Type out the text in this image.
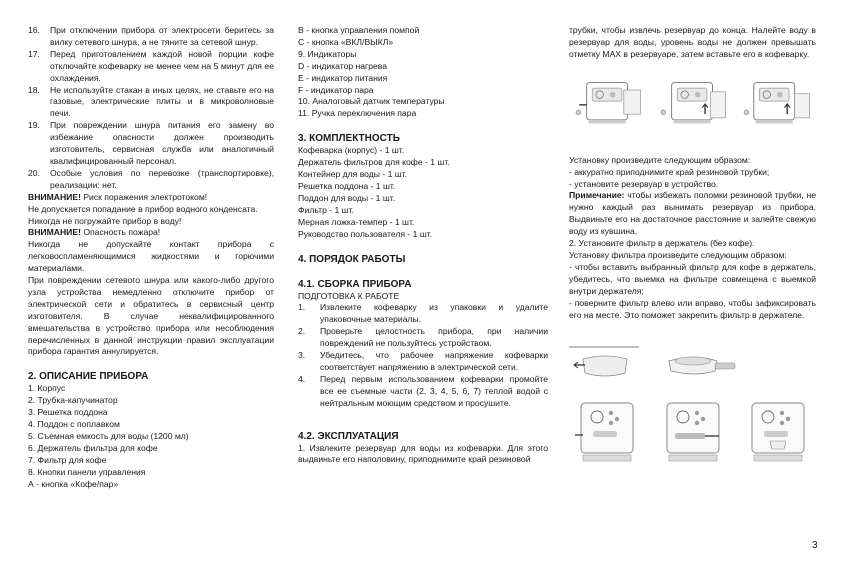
16.	При отключении прибора от электросети беритесь за вилку сетевого шнура, а не тяните за сетевой шнур.
17.	Перед приготовлением каждой новой порции кофе отключайте кофеварку не менее чем на 5 минут для ее охлаждения.
18.	Не используйте стакан в иных целях, не ставьте его на газовые, электрические плиты и в микроволновые печи.
19.	При повреждении шнура питания его замену во избежание опасности должен производить изготовитель, сервисная служба или аналогичный квалифицированный персонал.
20.	Особые условия по перевозке (транспортировке), реализации: нет.

ВНИМАНИЕ! Риск поражения электротоком!

Не допускается попадание в прибор водного конденсата.

Никогда не погружайте прибор в воду!

ВНИМАНИЕ! Опасность пожара!

Никогда не допускайте контакт прибора с легковоспламеняющимися жидкостями и горючими материалами.

При повреждении сетевого шнура или какого-либо другого узла устройства немедленно отключите прибор от электрической сети и обратитесь в сервисный центр изготовителя. В случае неквалифицированного вмешательства в устройство прибора или несоблюдения перечисленных в данной инструкции правил эксплуатации прибора гарантия аннулируется.

2. ОПИСАНИЕ ПРИБОРА
1. Корпус
2. Трубка-капучинатор
3. Решетка поддона
4. Поддон с поплавком
5. Съемная емкость для воды (1200 мл)
6. Держатель фильтра для кофе
7. Фильтр для кофе
8. Кнопки панели управления
А - кнопка «Кофе/пар»
В - кнопка управления помпой
С - кнопка «ВКЛ/ВЫКЛ»
9. Индикаторы
D - индикатор нагрева
Е - индикатор питания
F - индикатор пара
10. Аналоговый датчик температуры
11. Ручка переключения пара
3. КОМПЛЕКТНОСТЬ
Кофеварка (корпус) - 1 шт.
Держатель фильтров для кофе - 1 шт.
Контейнер для воды - 1 шт.
Решетка поддона - 1 шт.
Поддон для воды - 1 шт.
Фильтр - 1 шт.
Мерная ложка-темпер - 1 шт.
Руководство пользователя - 1 шт.
4. ПОРЯДОК РАБОТЫ
4.1. СБОРКА ПРИБОРА

ПОДГОТОВКА К РАБОТЕ

1.	Извлеките кофеварку из упаковки и удалите упаковочные материалы.
2.	Проверьте целостность прибора, при наличии повреждений не пользуйтесь устройством.
3.	Убедитесь, что рабочее напряжение кофеварки соответствует напряжению в электрической сети.
4.	Перед первым использованием кофеварки промойте все ее съемные части (2, 3, 4, 5, 6, 7) теплой водой с нейтральным моющим средством и просушите.
4.2. ЭКСПЛУАТАЦИЯ

1. Извлеките резервуар для воды из кофеварки. Для этого выдвиньте его наполовину, приподнимите край резиновой

трубки, чтобы извлечь резервуар до конца. Налейте воду в резервуар для воды, уровень воды не должен превышать отметку MAX в резервуаре, затем вставьте его в кофеварку.

Установку произведите следующим образом:

- аккуратно приподнимите край резиновой трубки;

- установите резервуар в устройство.

Примечание: чтобы избежать поломки резиновой трубки, не нужно каждый раз вынимать резервуар из прибора. Выдвиньте его на достаточное расстояние и залейте свежую воду из кувшина.

2. Установите фильтр в держатель (без кофе).

Установку фильтра произведите следующим образом:

- чтобы вставить выбранный фильтр для кофе в держатель, убедитесь, что выемка на фильтре совмещена с выемкой внутри держателя;

- поверните фильтр влево или вправо, чтобы зафиксировать его на месте. Это поможет закрепить фильтр в держателе.

3
